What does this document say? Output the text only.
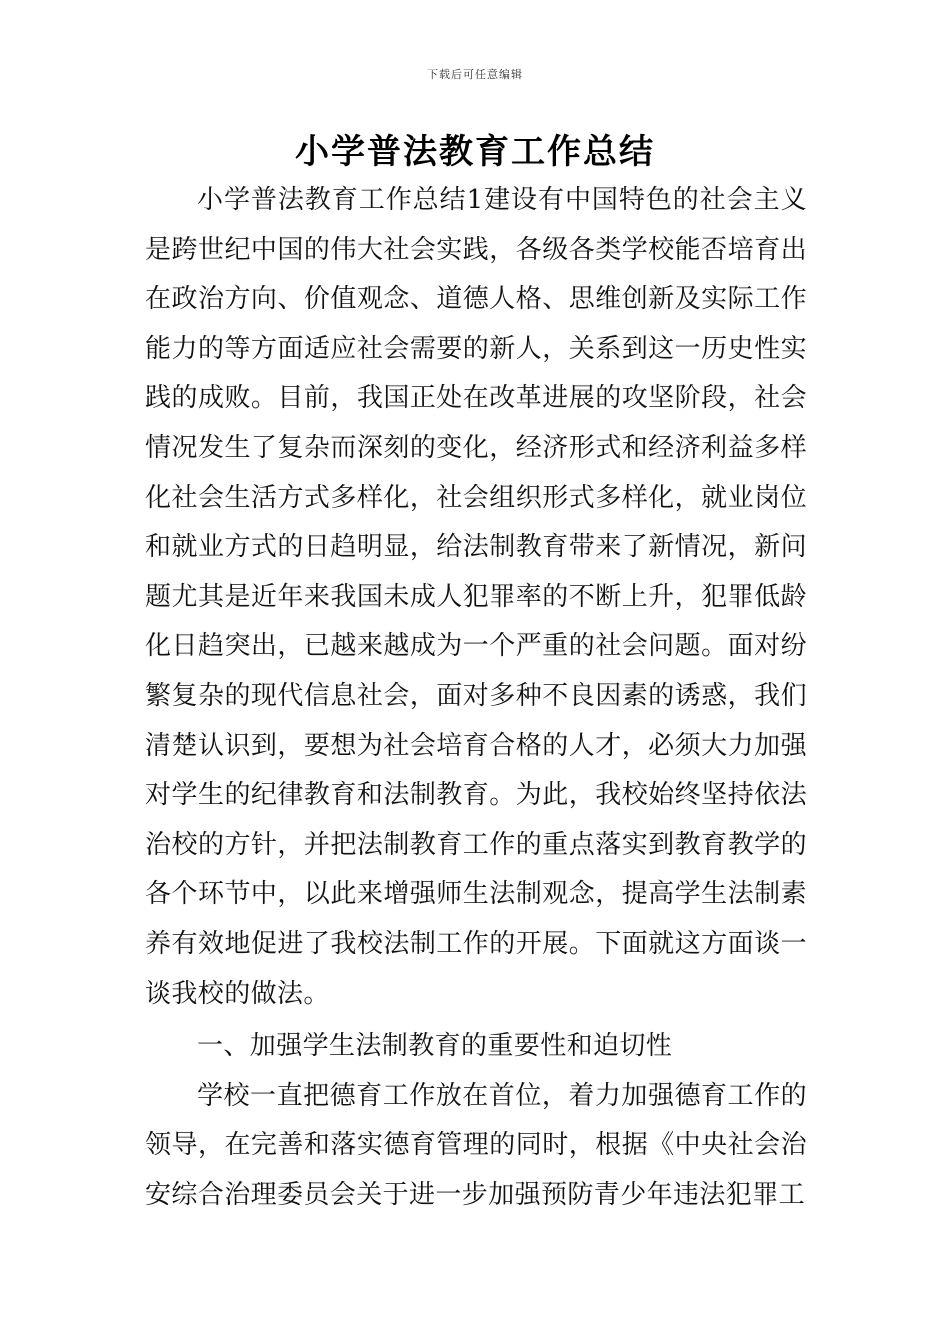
下载后可任意编辑
小学普法教育工作总结

小学普法教育工作总结1建设有中国特色的社会主义是跨世纪中国的伟大社会实践，各级各类学校能否培育出在政治方向、价值观念、道德人格、思维创新及实际工作能力的等方面适应社会需要的新人，关系到这一历史性实践的成败。目前，我国正处在改革进展的攻坚阶段，社会情况发生了复杂而深刻的变化，经济形式和经济利益多样化社会生活方式多样化，社会组织形式多样化，就业岗位和就业方式的日趋明显，给法制教育带来了新情况，新问题尤其是近年来我国未成人犯罪率的不断上升，犯罪低龄化日趋突出，已越来越成为一个严重的社会问题。面对纷繁复杂的现代信息社会，面对多种不良因素的诱惑，我们清楚认识到，要想为社会培育合格的人才，必须大力加强对学生的纪律教育和法制教育。为此，我校始终坚持依法治校的方针，并把法制教育工作的重点落实到教育教学的各个环节中，以此来增强师生法制观念，提高学生法制素养有效地促进了我校法制工作的开展。下面就这方面谈一谈我校的做法。

一、加强学生法制教育的重要性和迫切性

学校一直把德育工作放在首位，着力加强德育工作的领导，在完善和落实德育管理的同时，根据《中央社会治安综合治理委员会关于进一步加强预防青少年违法犯罪工
